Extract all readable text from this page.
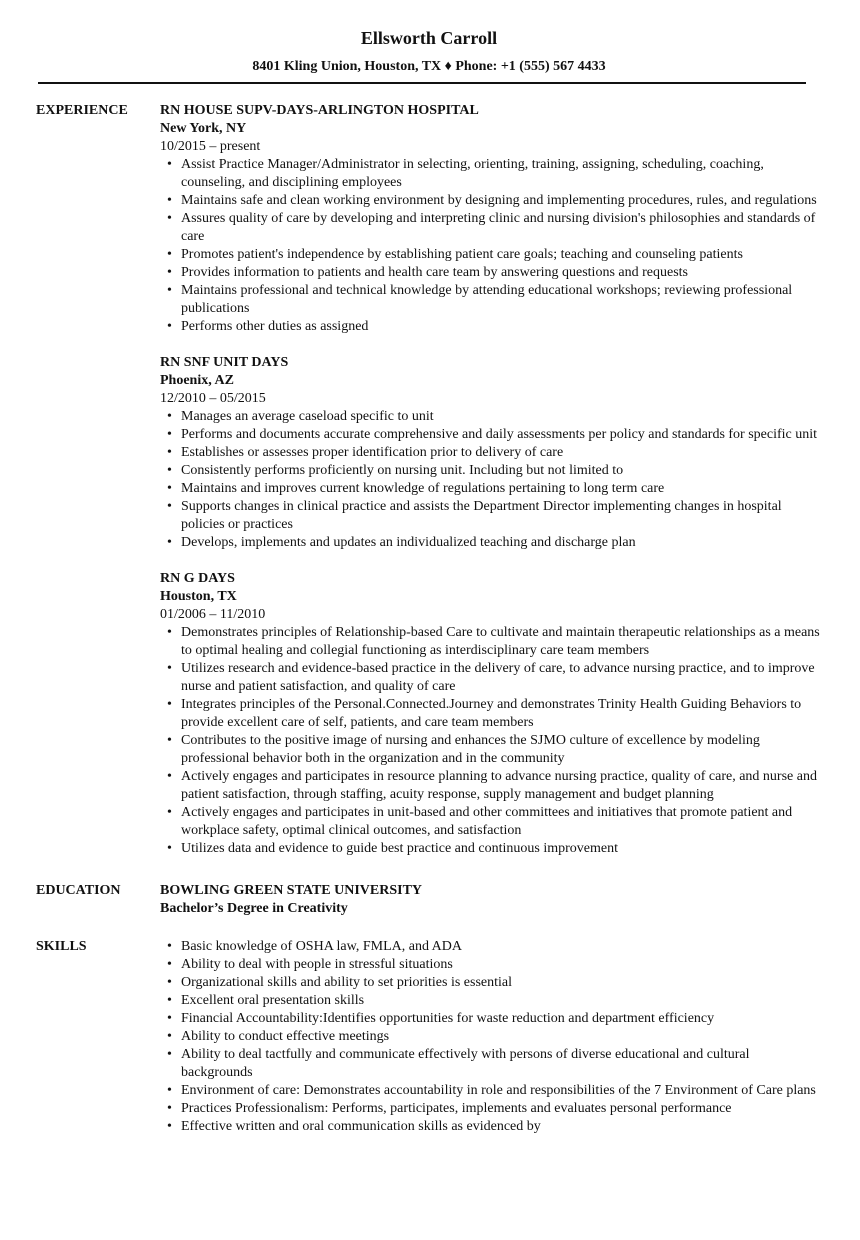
Ellsworth Carroll
8401 Kling Union, Houston, TX ♦ Phone: +1 (555) 567 4433
EXPERIENCE	RN HOUSE SUPV-DAYS-ARLINGTON HOSPITAL
New York, NY
10/2015 – present
• Assist Practice Manager/Administrator in selecting, orienting, training, assigning, scheduling, coaching, counseling, and disciplining employees
• Maintains safe and clean working environment by designing and implementing procedures, rules, and regulations
• Assures quality of care by developing and interpreting clinic and nursing division's philosophies and standards of care
• Promotes patient's independence by establishing patient care goals; teaching and counseling patients
• Provides information to patients and health care team by answering questions and requests
• Maintains professional and technical knowledge by attending educational workshops; reviewing professional publications
• Performs other duties as assigned
RN SNF UNIT DAYS
Phoenix, AZ
12/2010 – 05/2015
• Manages an average caseload specific to unit
• Performs and documents accurate comprehensive and daily assessments per policy and standards for specific unit
• Establishes or assesses proper identification prior to delivery of care
• Consistently performs proficiently on nursing unit. Including but not limited to
• Maintains and improves current knowledge of regulations pertaining to long term care
• Supports changes in clinical practice and assists the Department Director implementing changes in hospital policies or practices
• Develops, implements and updates an individualized teaching and discharge plan
RN G DAYS
Houston, TX
01/2006 – 11/2010
• Demonstrates principles of Relationship-based Care to cultivate and maintain therapeutic relationships as a means to optimal healing and collegial functioning as interdisciplinary care team members
• Utilizes research and evidence-based practice in the delivery of care, to advance nursing practice, and to improve nurse and patient satisfaction, and quality of care
• Integrates principles of the Personal.Connected.Journey and demonstrates Trinity Health Guiding Behaviors to provide excellent care of self, patients, and care team members
• Contributes to the positive image of nursing and enhances the SJMO culture of excellence by modeling professional behavior both in the organization and in the community
• Actively engages and participates in resource planning to advance nursing practice, quality of care, and nurse and patient satisfaction, through staffing, acuity response, supply management and budget planning
• Actively engages and participates in unit-based and other committees and initiatives that promote patient and workplace safety, optimal clinical outcomes, and satisfaction
• Utilizes data and evidence to guide best practice and continuous improvement
EDUCATION	BOWLING GREEN STATE UNIVERSITY
Bachelor’s Degree in Creativity
SKILLS	• Basic knowledge of OSHA law, FMLA, and ADA
• Ability to deal with people in stressful situations
• Organizational skills and ability to set priorities is essential
• Excellent oral presentation skills
• Financial Accountability:Identifies opportunities for waste reduction and department efficiency
• Ability to conduct effective meetings
• Ability to deal tactfully and communicate effectively with persons of diverse educational and cultural backgrounds
• Environment of care: Demonstrates accountability in role and responsibilities of the 7 Environment of Care plans
• Practices Professionalism: Performs, participates, implements and evaluates personal performance
• Effective written and oral communication skills as evidenced by
